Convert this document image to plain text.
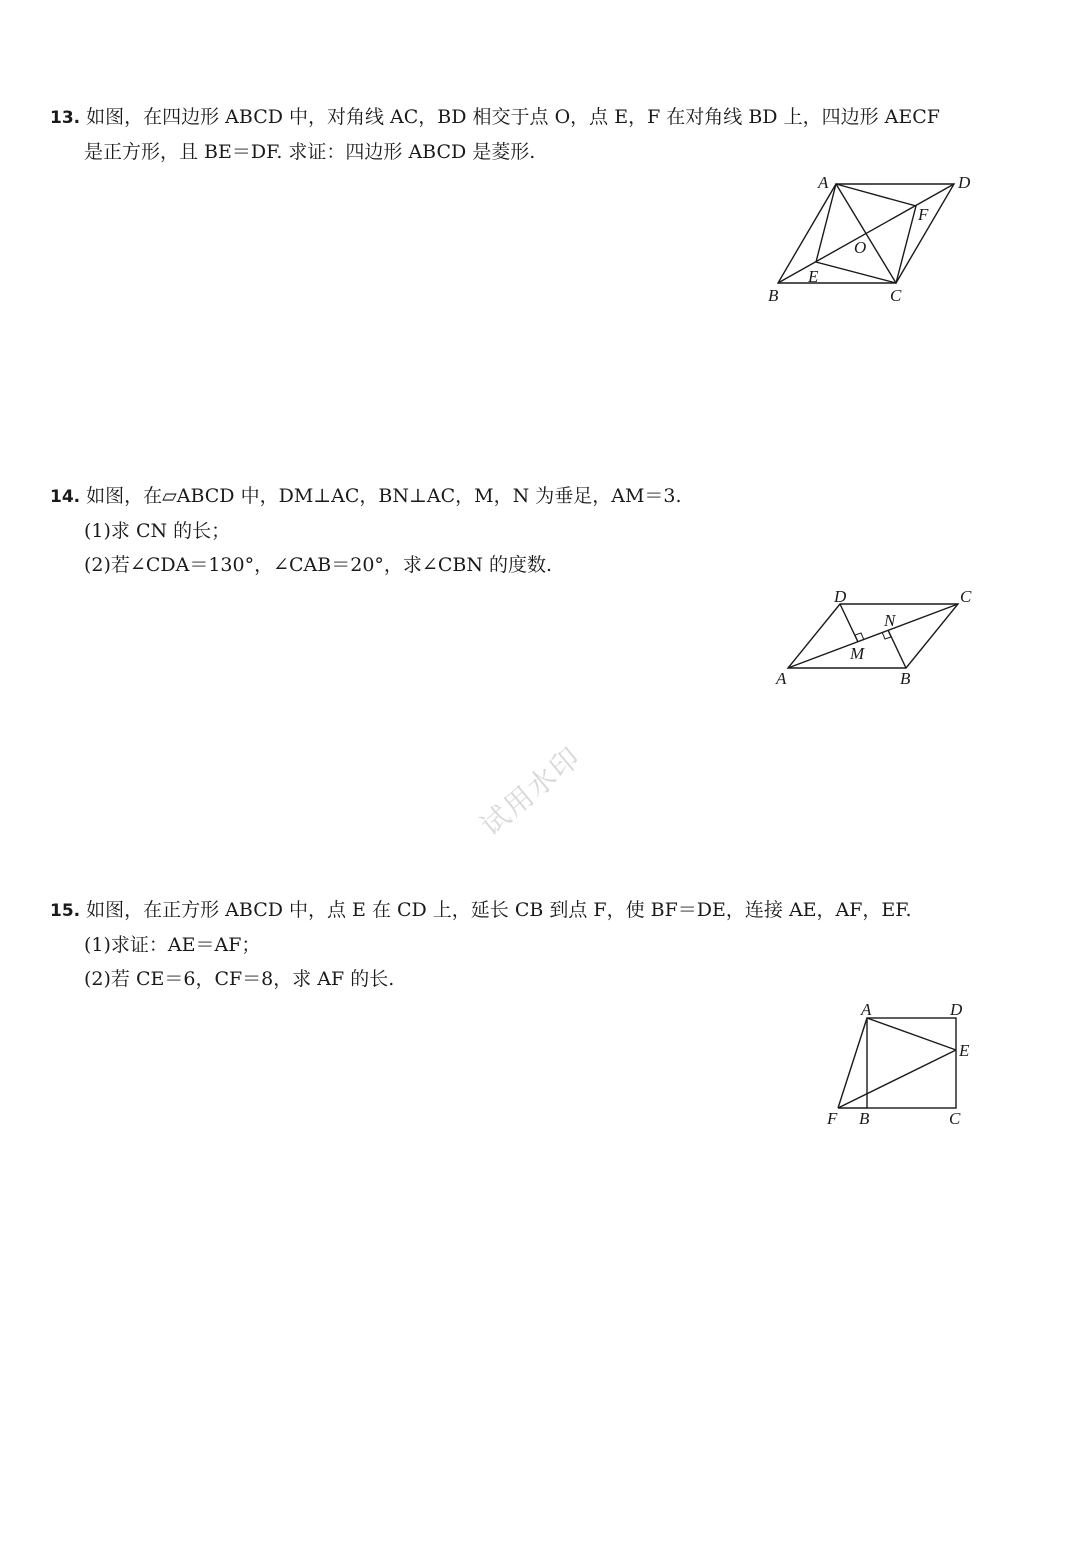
13. 如图，在四边形 ABCD 中，对角线 AC，BD 相交于点 O，点 E，F 在对角线 BD 上，四边形 AECF
是正方形，且 BE＝DF. 求证：四边形 ABCD 是菱形.
A	D
F
O
E
B	C
14. 如图，在▱ABCD 中，DM⊥AC，BN⊥AC，M，N 为垂足，AM＝3.
(1)求 CN 的长；
(2)若∠CDA＝130°，∠CAB＝20°，求∠CBN 的度数.
D	C
N
M
A	B
试用水印
15. 如图，在正方形 ABCD 中，点 E 在 CD 上，延长 CB 到点 F，使 BF＝DE，连接 AE，AF，EF.
(1)求证：AE＝AF；
(2)若 CE＝6，CF＝8，求 AF 的长.
A	D
E
F B	C
